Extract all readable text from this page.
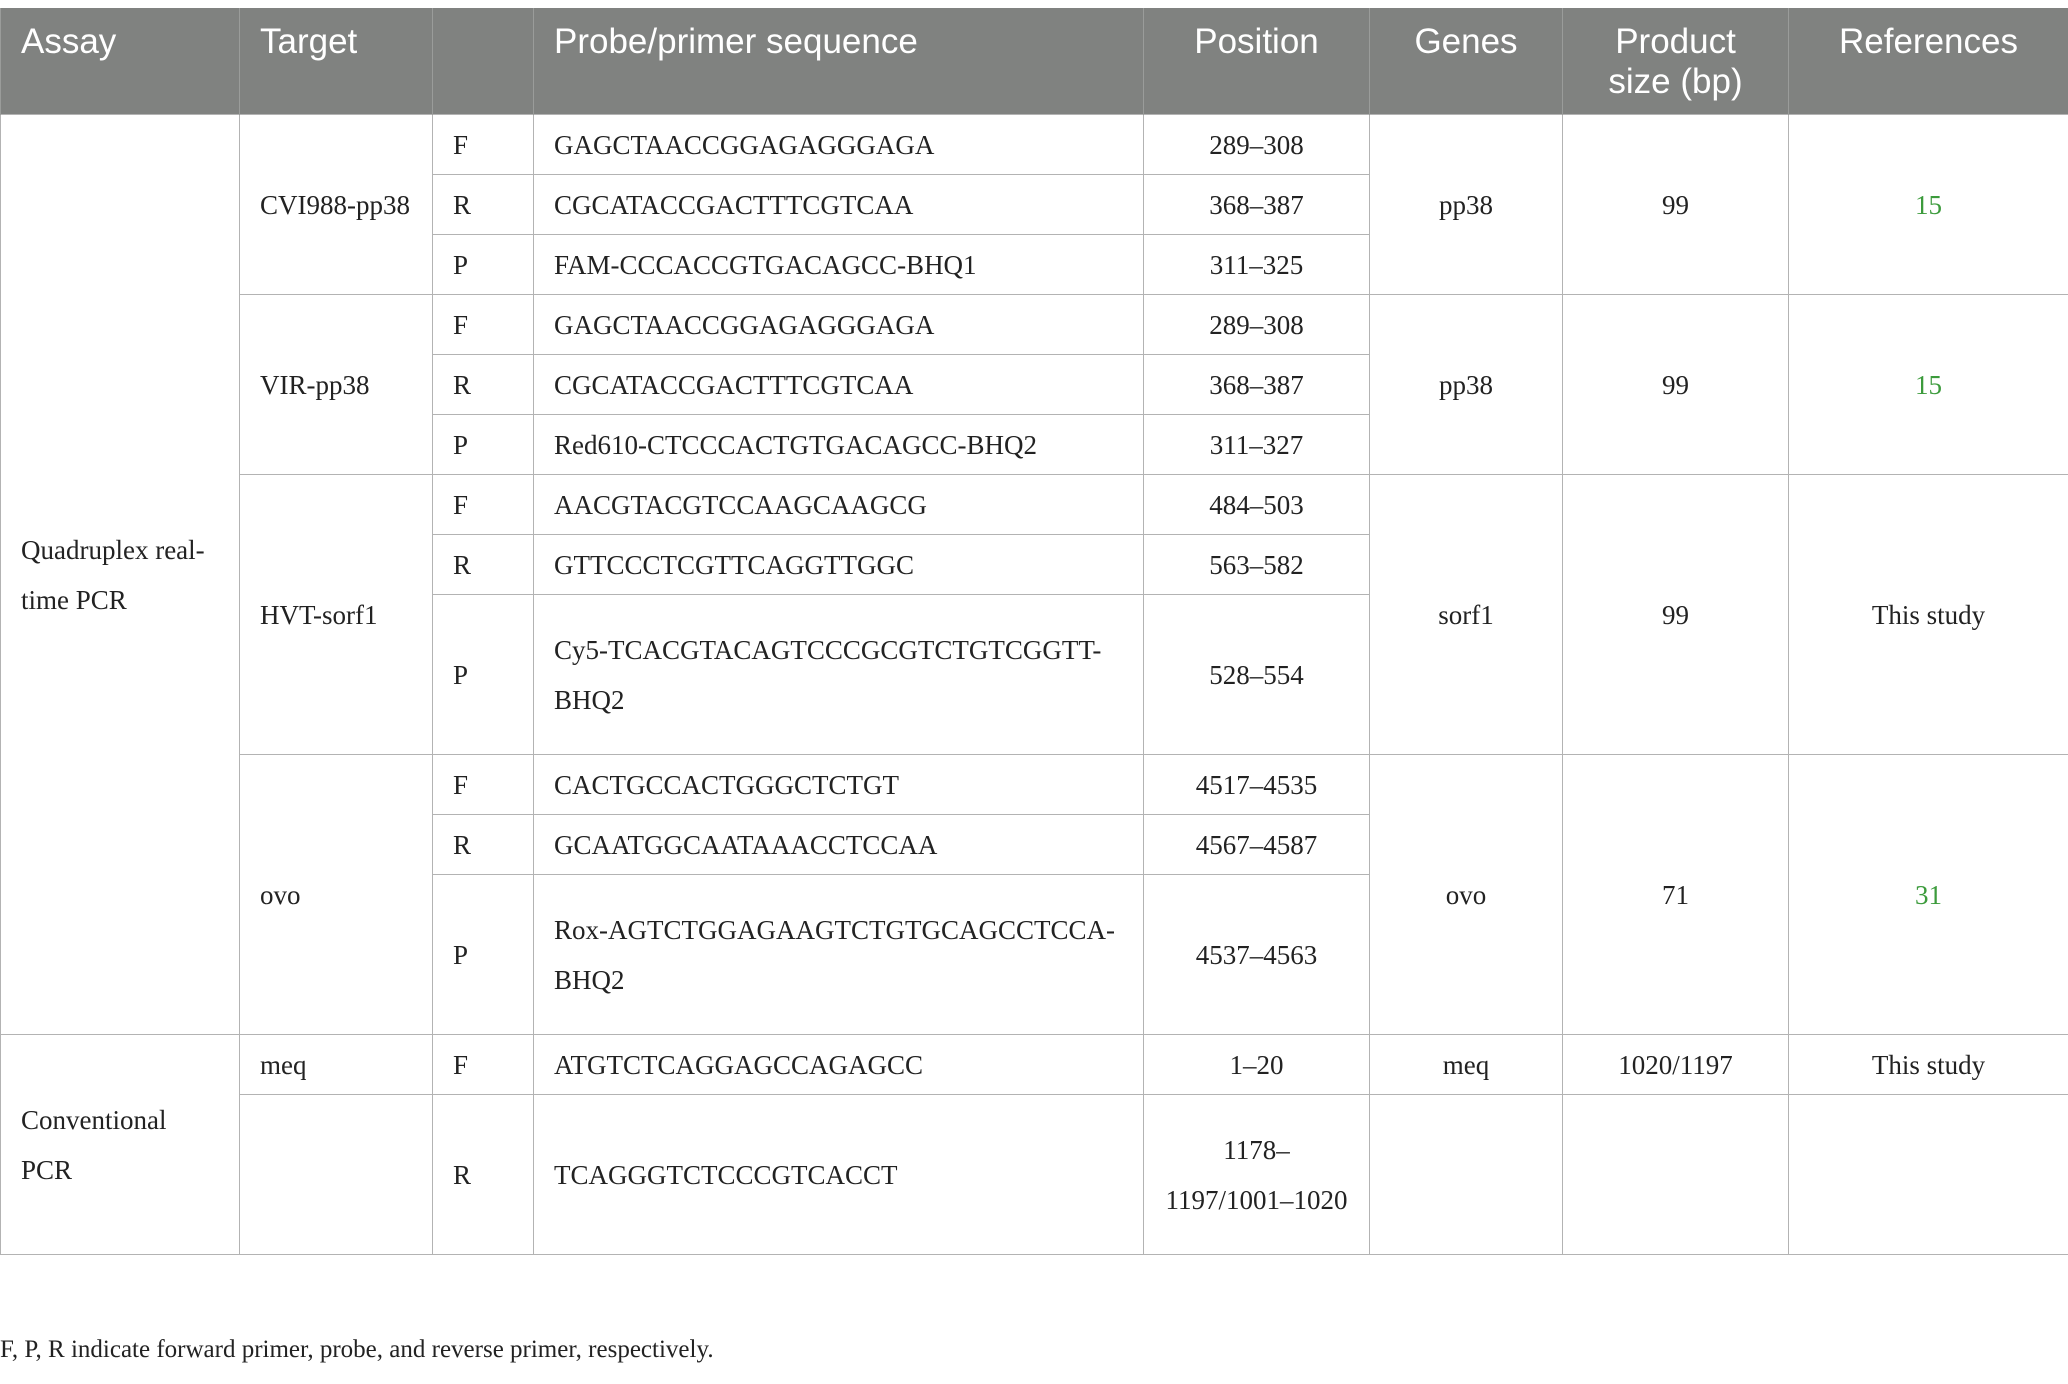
Assay	Target		Probe/primer sequence	Position	Genes	Product size (bp)	References
Quadruplex real-time PCR	CVI988-pp38	F	GAGCTAACCGGAGAGGGAGA	289–308	pp38	99	15
		R	CGCATACCGACTTTCGTCAA	368–387			
		P	FAM-CCCACCGTGACAGCC-BHQ1	311–325			
	VIR-pp38	F	GAGCTAACCGGAGAGGGAGA	289–308	pp38	99	15
		R	CGCATACCGACTTTCGTCAA	368–387			
		P	Red610-CTCCCACTGTGACAGCC-BHQ2	311–327			
	HVT-sorf1	F	AACGTACGTCCAAGCAAGCG	484–503	sorf1	99	This study
		R	GTTCCCTCGTTCAGGTTGGC	563–582			
		P	Cy5-TCACGTACAGTCCCGCGTCTGTCGGTT-BHQ2	528–554			
	ovo	F	CACTGCCACTGGGCTCTGT	4517–4535	ovo	71	31
		R	GCAATGGCAATAAACCTCCAA	4567–4587			
		P	Rox-AGTCTGGAGAAGTCTGTGCAGCCTCCA-BHQ2	4537–4563			
Conventional PCR	meq	F	ATGTCTCAGGAGCCAGAGCC	1–20	meq	1020/1197	This study
		R	TCAGGGTCTCCCGTCACCT	1178–1197/1001–1020			
F, P, R indicate forward primer, probe, and reverse primer, respectively.
